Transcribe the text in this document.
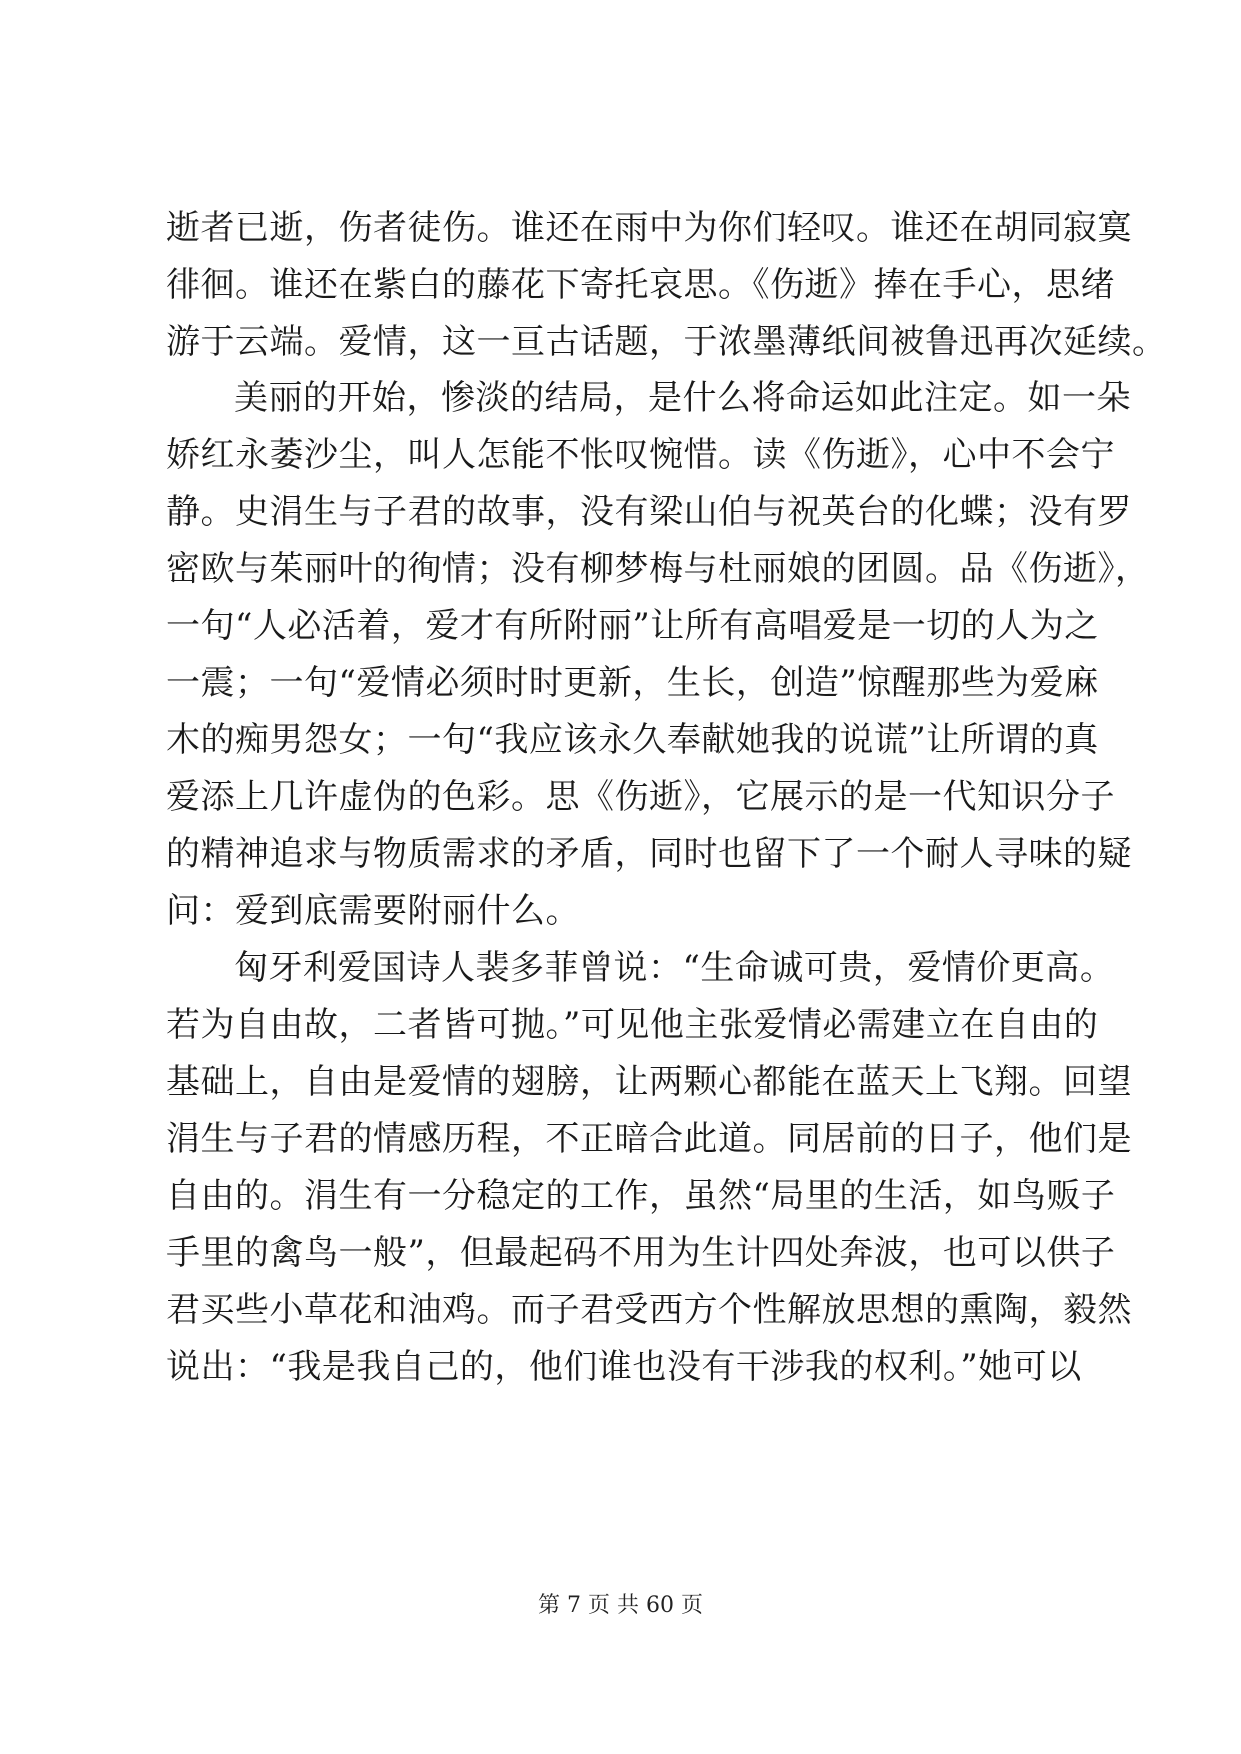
逝者已逝，伤者徒伤。谁还在雨中为你们轻叹。谁还在胡同寂寞
徘徊。谁还在紫白的藤花下寄托哀思。《伤逝》捧在手心，思绪
游于云端。爱情，这一亘古话题，于浓墨薄纸间被鲁迅再次延续。
美丽的开始，惨淡的结局，是什么将命运如此注定。如一朵
娇红永萎沙尘，叫人怎能不怅叹惋惜。读《伤逝》，心中不会宁
静。史涓生与子君的故事，没有梁山伯与祝英台的化蝶；没有罗
密欧与茱丽叶的徇情；没有柳梦梅与杜丽娘的团圆。品《伤逝》，
一句“人必活着，爱才有所附丽”让所有高唱爱是一切的人为之
一震；一句“爱情必须时时更新，生长，创造”惊醒那些为爱麻
木的痴男怨女；一句“我应该永久奉献她我的说谎”让所谓的真
爱添上几许虚伪的色彩。思《伤逝》，它展示的是一代知识分子
的精神追求与物质需求的矛盾，同时也留下了一个耐人寻味的疑
问：爱到底需要附丽什么。
匈牙利爱国诗人裴多菲曾说：“生命诚可贵，爱情价更高。
若为自由故，二者皆可抛。”可见他主张爱情必需建立在自由的
基础上，自由是爱情的翅膀，让两颗心都能在蓝天上飞翔。回望
涓生与子君的情感历程，不正暗合此道。同居前的日子，他们是
自由的。涓生有一分稳定的工作，虽然“局里的生活，如鸟贩子
手里的禽鸟一般”，但最起码不用为生计四处奔波，也可以供子
君买些小草花和油鸡。而子君受西方个性解放思想的熏陶，毅然
说出：“我是我自己的，他们谁也没有干涉我的权利。”她可以
第 7 页 共 60 页
